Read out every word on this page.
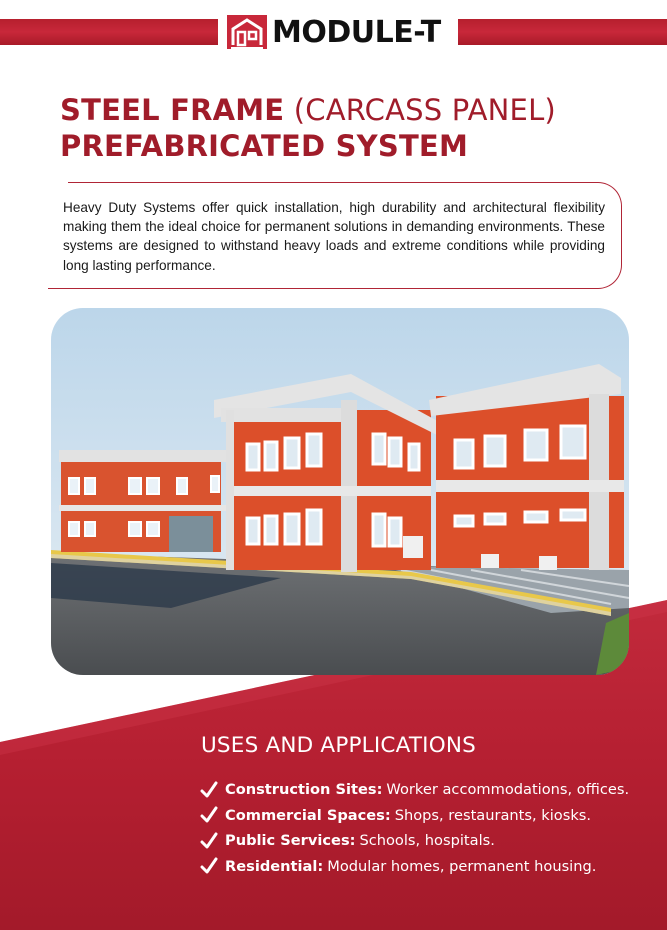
MODULE-T
STEEL FRAME (CARCASS PANEL)
PREFABRICATED SYSTEM
Heavy Duty Systems offer quick installation, high durability and architectural flexibility making them the ideal choice for permanent solutions in demanding environments. These systems are designed to withstand heavy loads and extreme conditions while providing long lasting performance.
USES AND APPLICATIONS
Construction Sites: Worker accommodations, offices.
Commercial Spaces: Shops, restaurants, kiosks.
Public Services: Schools, hospitals.
Residential: Modular homes, permanent housing.
